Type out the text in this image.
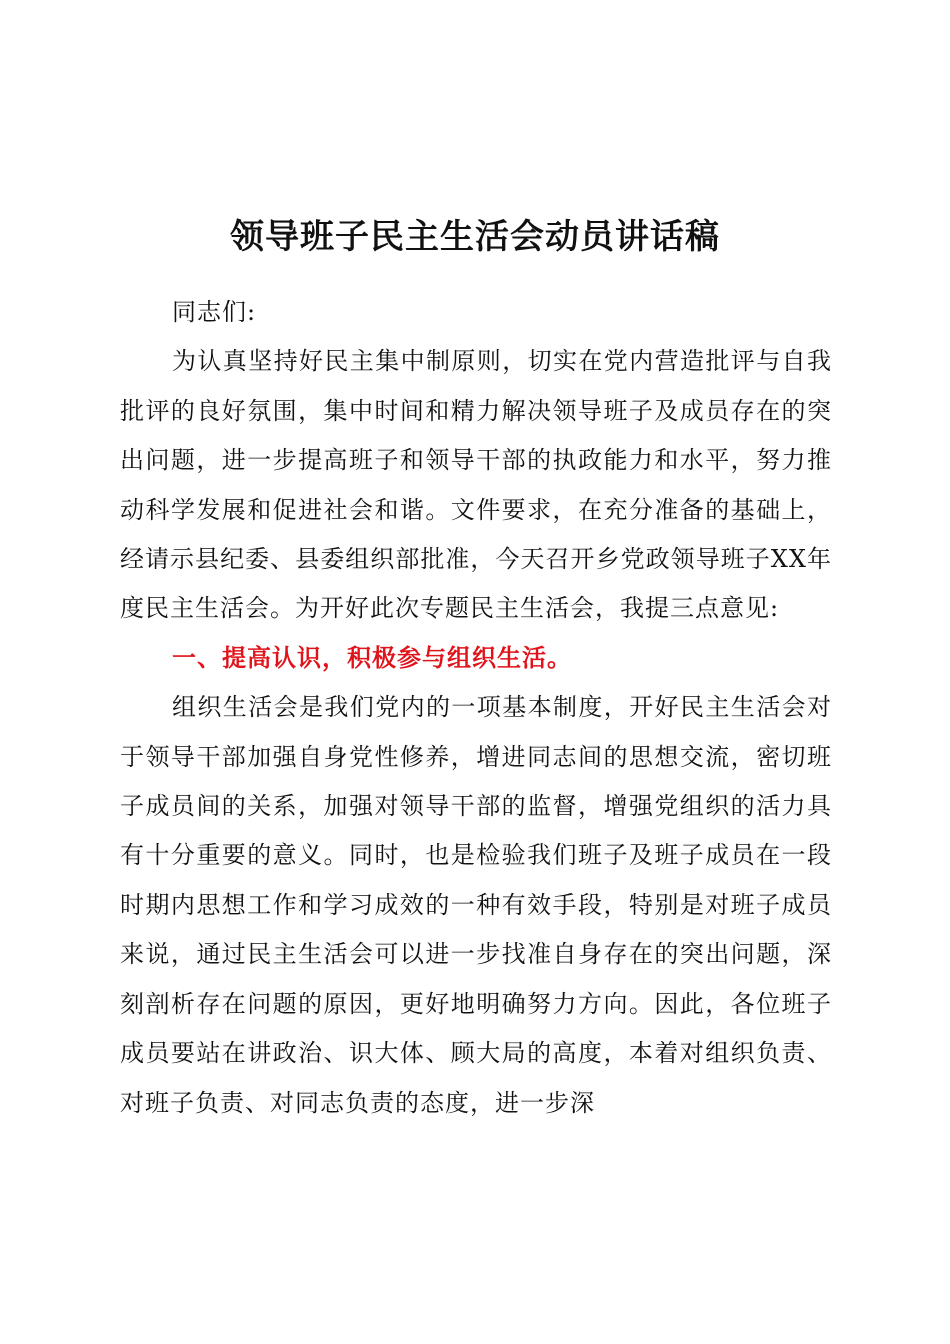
领导班子民主生活会动员讲话稿

同志们:

为认真坚持好民主集中制原则，切实在党内营造批评与自我批评的良好氛围，集中时间和精力解决领导班子及成员存在的突出问题，进一步提高班子和领导干部的执政能力和水平，努力推动科学发展和促进社会和谐。文件要求，在充分准备的基础上，经请示县纪委、县委组织部批准，今天召开乡党政领导班子XX年度民主生活会。为开好此次专题民主生活会，我提三点意见:

一、提高认识，积极参与组织生活。

组织生活会是我们党内的一项基本制度，开好民主生活会对于领导干部加强自身党性修养，增进同志间的思想交流，密切班子成员间的关系，加强对领导干部的监督，增强党组织的活力具有十分重要的意义。同时，也是检验我们班子及班子成员在一段时期内思想工作和学习成效的一种有效手段，特别是对班子成员来说，通过民主生活会可以进一步找准自身存在的突出问题，深刻剖析存在问题的原因，更好地明确努力方向。因此，各位班子成员要站在讲政治、识大体、顾大局的高度，本着对组织负责、对班子负责、对同志负责的态度，进一步深
